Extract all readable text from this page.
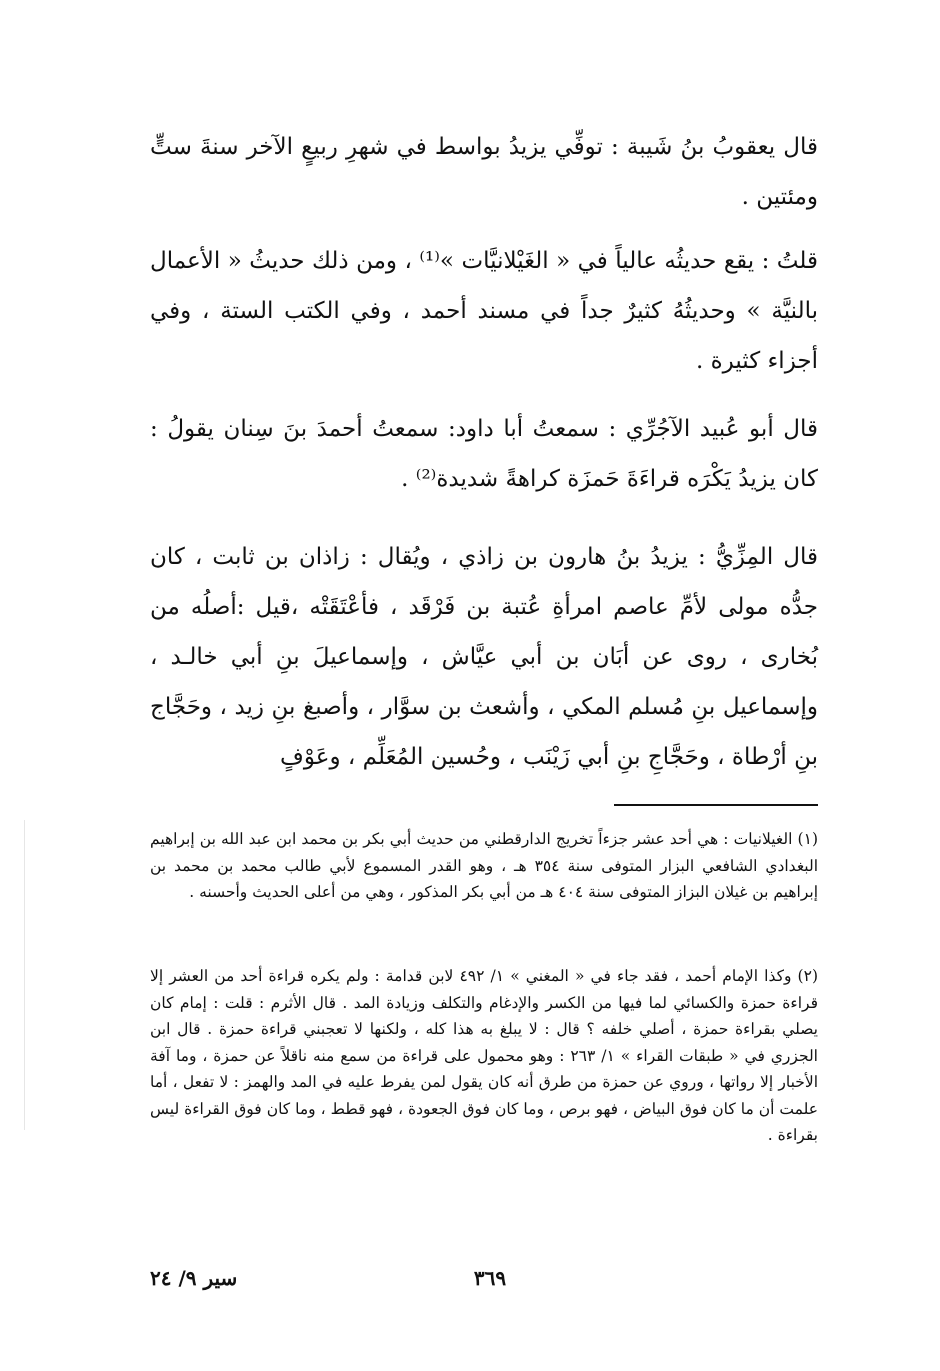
قال يعقوبُ بنُ شَيبة : توفِّي يزيدُ بواسط في شهرِ ربيعٍ الآخر سنةَ ستٍّ ومئتين .

قلتُ : يقع حديثُه عالياً في « الغَيْلانيَّات »⁽¹⁾ ، ومن ذلك حديثُ « الأعمال بالنيَّة » وحديثُهُ كثيرٌ جداً في مسند أحمد ، وفي الكتب الستة ، وفي أجزاء كثيرة .

قال أبو عُبيد الآجُرِّي : سمعتُ أبا داود: سمعتُ أحمدَ بنَ سِنان يقولُ : كان يزيدُ يَكْرَه قراءَةَ حَمزَة كراهةً شديدة⁽²⁾ .

قال المِزِّيُّ : يزيدُ بنُ هارون بن زاذي ، ويُقال : زاذان بن ثابت ، كان جدُّه مولى لأمِّ عاصم امرأةِ عُتبة بن فَرْقَد ، فأعْتَقَتْه ،قيل :أصلُه من بُخارى ، روى عن أبَان بن أبي عيَّاش ، وإسماعيلَ بنِ أبي خالـد ، وإسماعيل بنِ مُسلم المكي ، وأشعث بن سوَّار ، وأصبغ بنِ زيد ، وحَجَّاج بنِ أرْطاة ، وحَجَّاجِ بنِ أبي زَيْنَب ، وحُسين المُعَلِّم ، وعَوْفٍ

(١) الغيلانيات : هي أحد عشر جزءاً تخريج الدارقطني من حديث أبي بكر بن محمد ابن عبد الله بن إبراهيم البغدادي الشافعي البزار المتوفى سنة ٣٥٤ هـ ، وهو القدر المسموع لأبي طالب محمد بن محمد بن إبراهيم بن غيلان البزاز المتوفى سنة ٤٠٤ هـ من أبي بكر المذكور ، وهي من أعلى الحديث وأحسنه .

(٢) وكذا الإمام أحمد ، فقد جاء في « المغني » ١/ ٤٩٢ لابن قدامة : ولم يكره قراءة أحد من العشر إلا قراءة حمزة والكسائي لما فيها من الكسر والإدغام والتكلف وزيادة المد . قال الأثرم : قلت : إمام كان يصلي بقراءة حمزة ، أصلي خلفه ؟ قال : لا يبلغ به هذا كله ، ولكنها لا تعجبني قراءة حمزة . قال ابن الجزري في « طبقات القراء » ١/ ٢٦٣ : وهو محمول على قراءة من سمع منه ناقلاً عن حمزة ، وما آفة الأخبار إلا رواتها ، وروي عن حمزة من طرق أنه كان يقول لمن يفرط عليه في المد والهمز : لا تفعل ، أما علمت أن ما كان فوق البياض ، فهو برص ، وما كان فوق الجعودة ، فهو قطط ، وما كان فوق القراءة ليس بقراءة .

٣٦٩
سير ٩/ ٢٤
